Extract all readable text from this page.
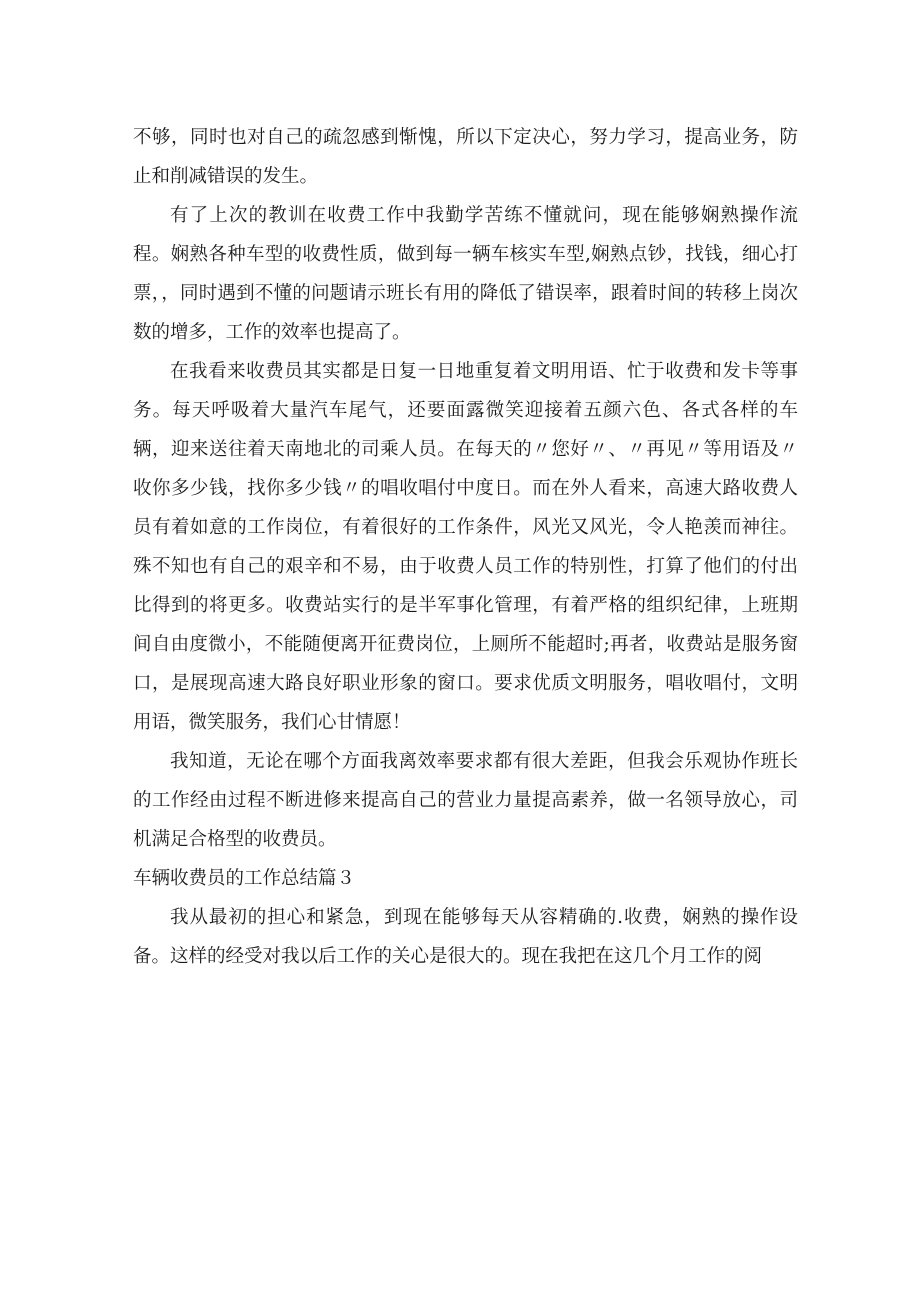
不够，同时也对自己的疏忽感到惭愧，所以下定决心，努力学习，提高业务，防止和削减错误的发生。

有了上次的教训在收费工作中我勤学苦练不懂就问，现在能够娴熟操作流程。娴熟各种车型的收费性质，做到每一辆车核实车型,娴熟点钞，找钱，细心打票，，同时遇到不懂的问题请示班长有用的降低了错误率，跟着时间的转移上岗次数的增多，工作的效率也提高了。

在我看来收费员其实都是日复一日地重复着文明用语、忙于收费和发卡等事务。每天呼吸着大量汽车尾气，还要面露微笑迎接着五颜六色、各式各样的车辆，迎来送往着天南地北的司乘人员。在每天的〃您好〃、〃再见〃等用语及〃收你多少钱，找你多少钱〃的唱收唱付中度日。而在外人看来，高速大路收费人员有着如意的工作岗位，有着很好的工作条件，风光又风光，令人艳羡而神往。殊不知也有自己的艰辛和不易，由于收费人员工作的特别性，打算了他们的付出比得到的将更多。收费站实行的是半军事化管理，有着严格的组织纪律，上班期间自由度微小，不能随便离开征费岗位，上厕所不能超时;再者，收费站是服务窗口，是展现高速大路良好职业形象的窗口。要求优质文明服务，唱收唱付，文明用语，微笑服务，我们心甘情愿！

我知道，无论在哪个方面我离效率要求都有很大差距，但我会乐观协作班长的工作经由过程不断进修来提高自己的营业力量提高素养，做一名领导放心，司机满足合格型的收费员。

车辆收费员的工作总结篇３

我从最初的担心和紧急，到现在能够每天从容精确的.收费，娴熟的操作设备。这样的经受对我以后工作的关心是很大的。现在我把在这几个月工作的阅
